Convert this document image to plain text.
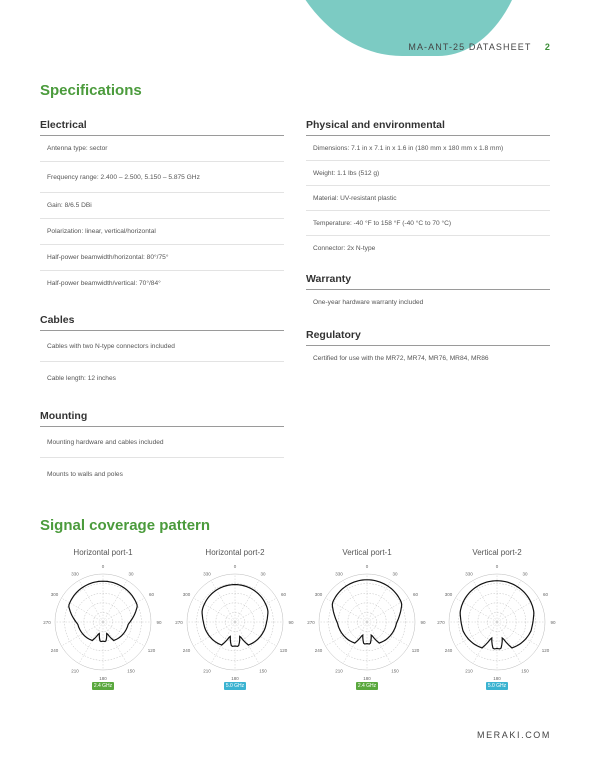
MA-ANT-25 DATASHEET 2
Specifications
Electrical
Antenna type: sector
Frequency range: 2.400 – 2.500, 5.150 – 5.875 GHz
Gain: 8/6.5 DBi
Polarization: linear, vertical/horizontal
Half-power beamwidth/horizontal: 80°/75°
Half-power beamwidth/vertical: 70°/84°
Cables
Cables with two N-type connectors included
Cable length: 12 inches
Mounting
Mounting hardware and cables included
Mounts to walls and poles
Physical and environmental
Dimensions: 7.1 in x 7.1 in x 1.6 in (180 mm x 180 mm x 1.8 mm)
Weight: 1.1 lbs (512 g)
Material: UV-resistant plastic
Temperature: -40 °F to 158 °F (-40 °C to 70 °C)
Connector: 2x N-type
Warranty
One-year hardware warranty included
Regulatory
Certified for use with the MR72, MR74, MR76, MR84, MR86
Signal coverage pattern
Horizontal port-1
0
30
60
90
120
150
180
210
240
270
300
330
2.4 GHz
Horizontal port-2
0
30
60
90
120
150
180
210
240
270
300
330
5.0 GHz
Vertical port-1
0
30
60
90
120
150
180
210
240
270
300
330
2.4 GHz
Vertical port-2
0
30
60
90
120
150
180
210
240
270
300
330
5.0 GHz
MERAKI.COM
